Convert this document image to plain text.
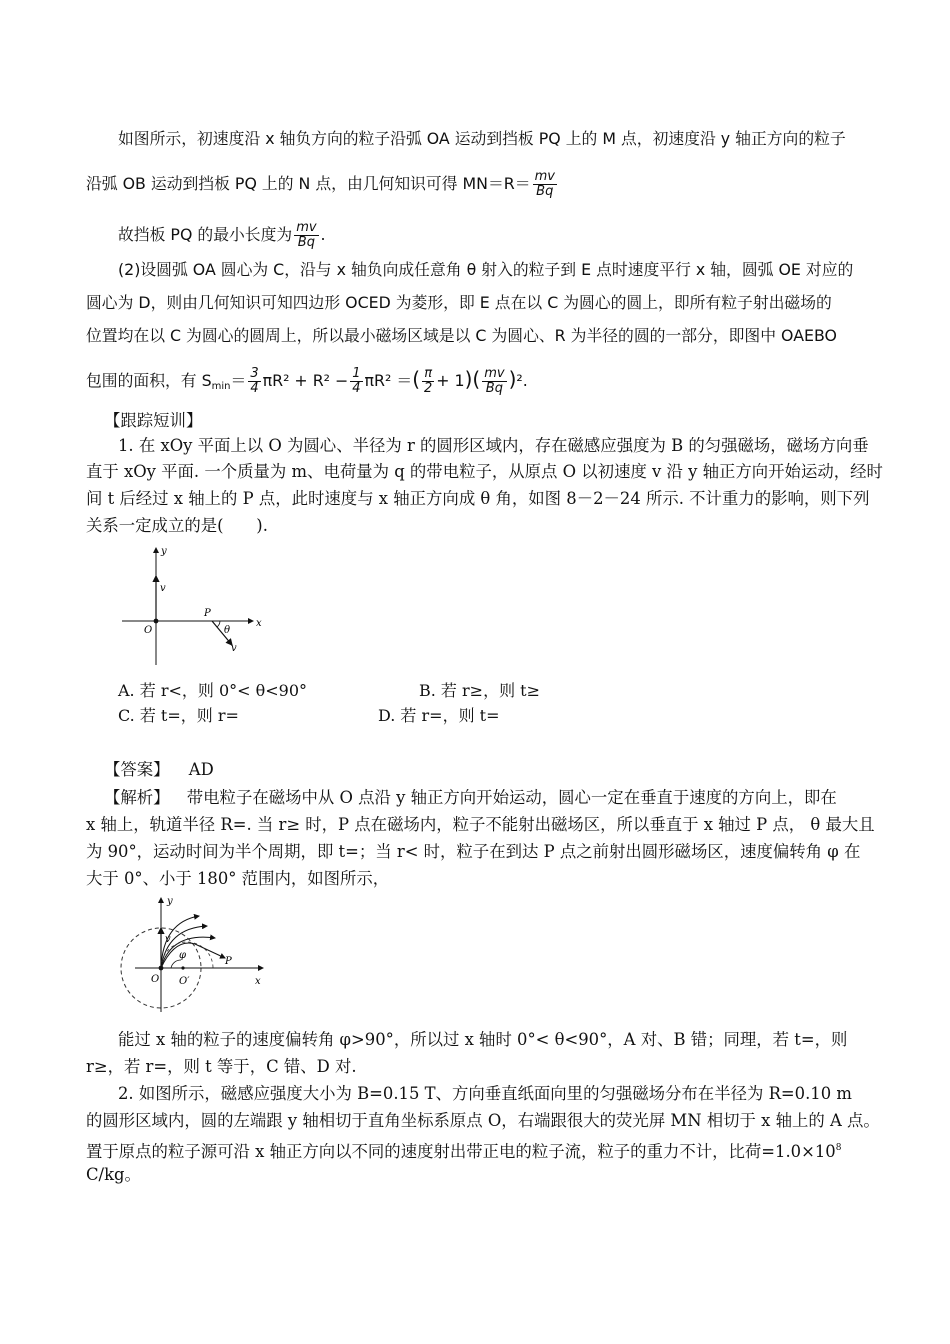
如图所示，初速度沿 x 轴负方向的粒子沿弧 OA 运动到挡板 PQ 上的 M 点，初速度沿 y 轴正方向的粒子
沿弧 OB 运动到挡板 PQ 上的 N 点，由几何知识可得 $MN=R= \frac{mv}{Bq}$
故挡板 PQ 的最小长度为 $\frac{mv}{Bq}$ .
(2)设圆弧 OA 圆心为 C，沿与 x 轴负向成任意角 θ 射入的粒子到 E 点时速度平行 x 轴，圆弧 OE 对应的
圆心为 D，则由几何知识可知四边形 OCED 为菱形，即 E 点在以 C 为圆心的圆上，即所有粒子射出磁场的
位置均在以 C 为圆心的圆周上，所以最小磁场区域是以 C 为圆心、R 为半径的圆的一部分，即图中 OAEBO
包围的面积，有 $S_{min}= \frac{3}{4} \pi R^2 + R^2 - \frac{1}{4} \pi R^2$ ＝( $\frac{\pi}{2} + 1)( \frac{mv}{Bq} )^2$.
【跟踪短训】
1. 在 xOy 平面上以 O 为圆心、半径为 r 的圆形区域内，存在磁感应强度为 B 的匀强磁场，磁场方向垂
直于 xOy 平面. 一个质量为 m、电荷量为 q 的带电粒子，从原点 O 以初速度 v 沿 y 轴正方向开始运动，经时
间 t 后经过 x 轴上的 P 点，此时速度与 x 轴正方向成 θ 角，如图 8－2－24 所示. 不计重力的影响，则下列
关系一定成立的是(　　).
y
x
v
O
P
θ
v
A. 若 r<，则 0°< θ<90°	B. 若 r≥，则 t≥
C. 若 t=，则 r=	D. 若 r=，则 t=
【答案】 AD
【解析】 带电粒子在磁场中从 O 点沿 y 轴正方向开始运动，圆心一定在垂直于速度的方向上，即在
x 轴上，轨道半径 R=. 当 r≥ 时，P 点在磁场内，粒子不能射出磁场区，所以垂直于 x 轴过 P 点， θ 最大且
为 90°，运动时间为半个周期，即 t=；当 r< 时，粒子在到达 P 点之前射出圆形磁场区，速度偏转角 φ 在
大于 0°、小于 180° 范围内，如图所示，
y
x
v
φ
P
O O′
能过 x 轴的粒子的速度偏转角 φ>90°，所以过 x 轴时 0°< θ<90°，A 对、B 错；同理，若 t=，则
r≥，若 r=，则 t 等于，C 错、D 对.
2. 如图所示，磁感应强度大小为 B=0.15 T、方向垂直纸面向里的匀强磁场分布在半径为 R=0.10 m
的圆形区域内，圆的左端跟 y 轴相切于直角坐标系原点 O，右端跟很大的荧光屏 MN 相切于 x 轴上的 A 点。
置于原点的粒子源可沿 x 轴正方向以不同的速度射出带正电的粒子流，粒子的重力不计，比荷$=1.0\times 10^8$
C/kg。
